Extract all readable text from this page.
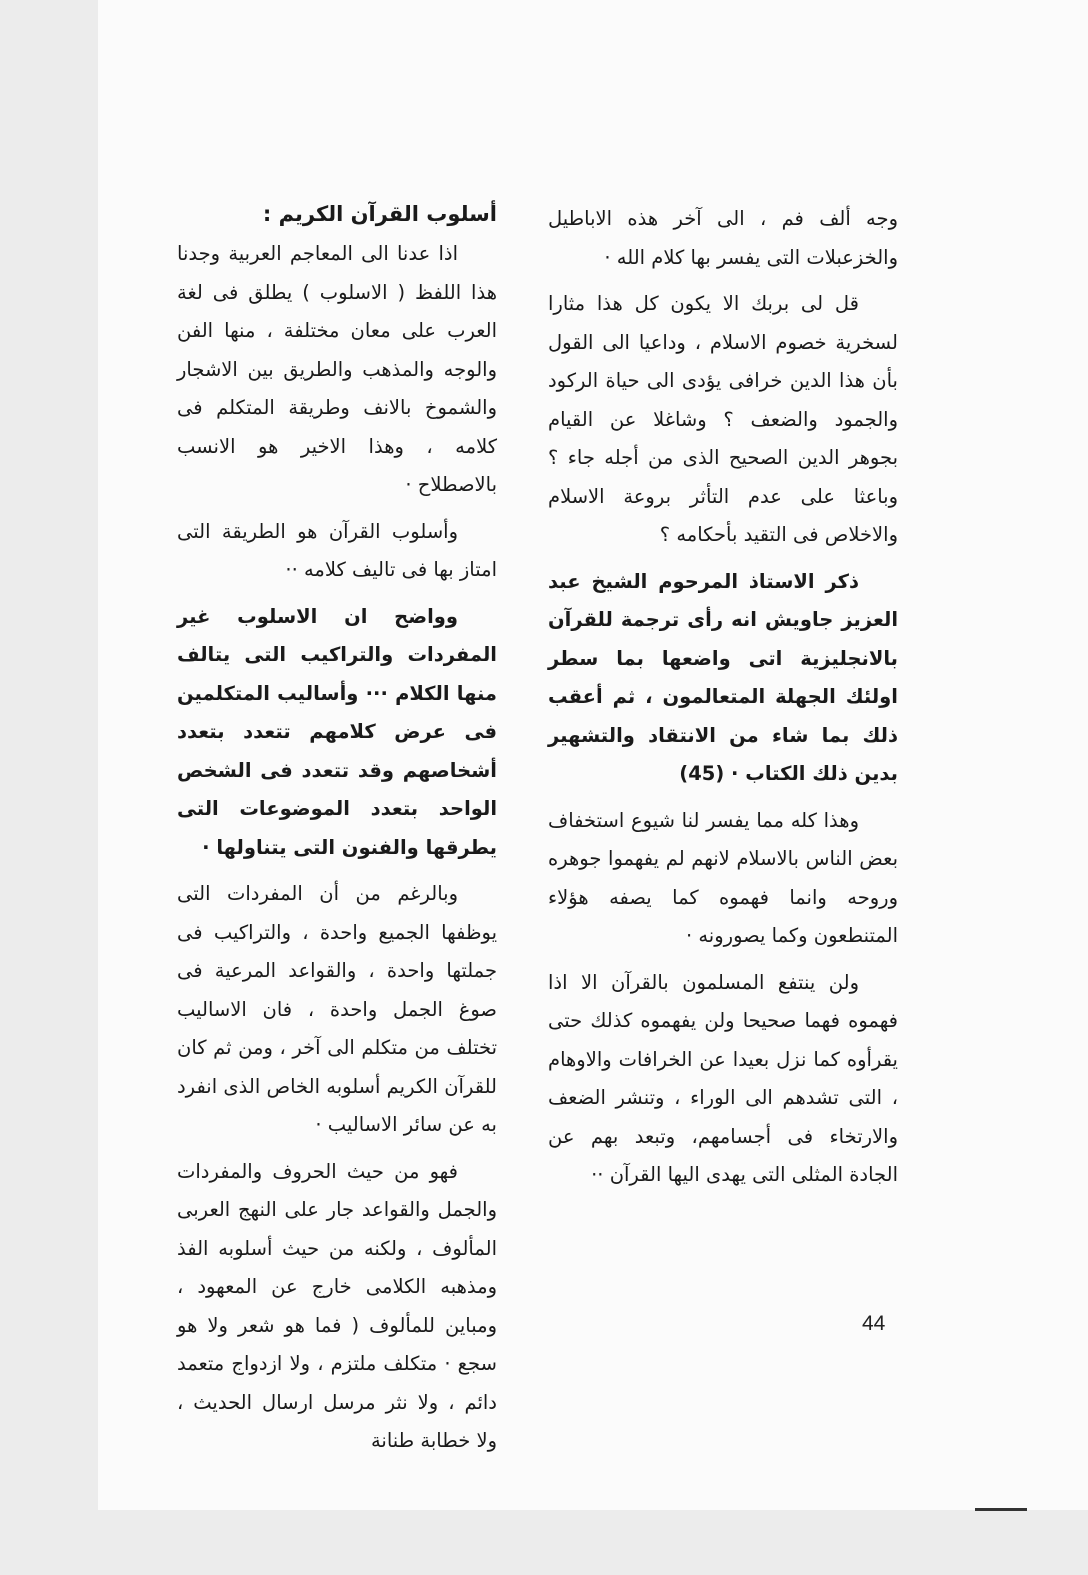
وجه ألف فم ، الى آخر هذه الاباطيل والخزعبلات التى يفسر بها كلام الله ·

قل لى بربك الا يكون كل هذا مثارا لسخرية خصوم الاسلام ، وداعيا الى القول بأن هذا الدين خرافى يؤدى الى حياة الركود والجمود والضعف ؟ وشاغلا عن القيام بجوهر الدين الصحيح الذى من أجله جاء ؟ وباعثا على عدم التأثر بروعة الاسلام والاخلاص فى التقيد بأحكامه ؟

ذكر الاستاذ المرحوم الشيخ عبد العزيز جاويش انه رأى ترجمة للقرآن بالانجليزية اتى واضعها بما سطر اولئك الجهلة المتعالمون ، ثم أعقب ذلك بما شاء من الانتقاد والتشهير بدين ذلك الكتاب · (45)

وهذا كله مما يفسر لنا شيوع استخفاف بعض الناس بالاسلام لانهم لم يفهموا جوهره وروحه وانما فهموه كما يصفه هؤلاء المتنطعون وكما يصورونه ·

ولن ينتفع المسلمون بالقرآن الا اذا فهموه فهما صحيحا ولن يفهموه كذلك حتى يقرأوه كما نزل بعيدا عن الخرافات والاوهام ، التى تشدهم الى الوراء ، وتنشر الضعف والارتخاء فى أجسامهم، وتبعد بهم عن الجادة المثلى التى يهدى اليها القرآن ··

أسلوب القرآن الكريم :

اذا عدنا الى المعاجم العربية وجدنا هذا اللفظ ( الاسلوب ) يطلق فى لغة العرب على معان مختلفة ، منها الفن والوجه والمذهب والطريق بين الاشجار والشموخ بالانف وطريقة المتكلم فى كلامه ، وهذا الاخير هو الانسب بالاصطلاح ·

وأسلوب القرآن هو الطريقة التى امتاز بها فى تاليف كلامه ··

وواضح ان الاسلوب غير المفردات والتراكيب التى يتالف منها الكلام ··· وأساليب المتكلمين فى عرض كلامهم تتعدد بتعدد أشخاصهم وقد تتعدد فى الشخص الواحد بتعدد الموضوعات التى يطرقها والفنون التى يتناولها ·

وبالرغم من أن المفردات التى يوظفها الجميع واحدة ، والتراكيب فى جملتها واحدة ، والقواعد المرعية فى صوغ الجمل واحدة ، فان الاساليب تختلف من متكلم الى آخر ، ومن ثم كان للقرآن الكريم أسلوبه الخاص الذى انفرد به عن سائر الاساليب ·

فهو من حيث الحروف والمفردات والجمل والقواعد جار على النهج العربى المألوف ، ولكنه من حيث أسلوبه الفذ ومذهبه الكلامى خارج عن المعهود ، ومباين للمألوف ( فما هو شعر ولا هو سجع · متكلف ملتزم ، ولا ازدواج متعمد دائم ، ولا نثر مرسل ارسال الحديث ، ولا خطابة طنانة

44
